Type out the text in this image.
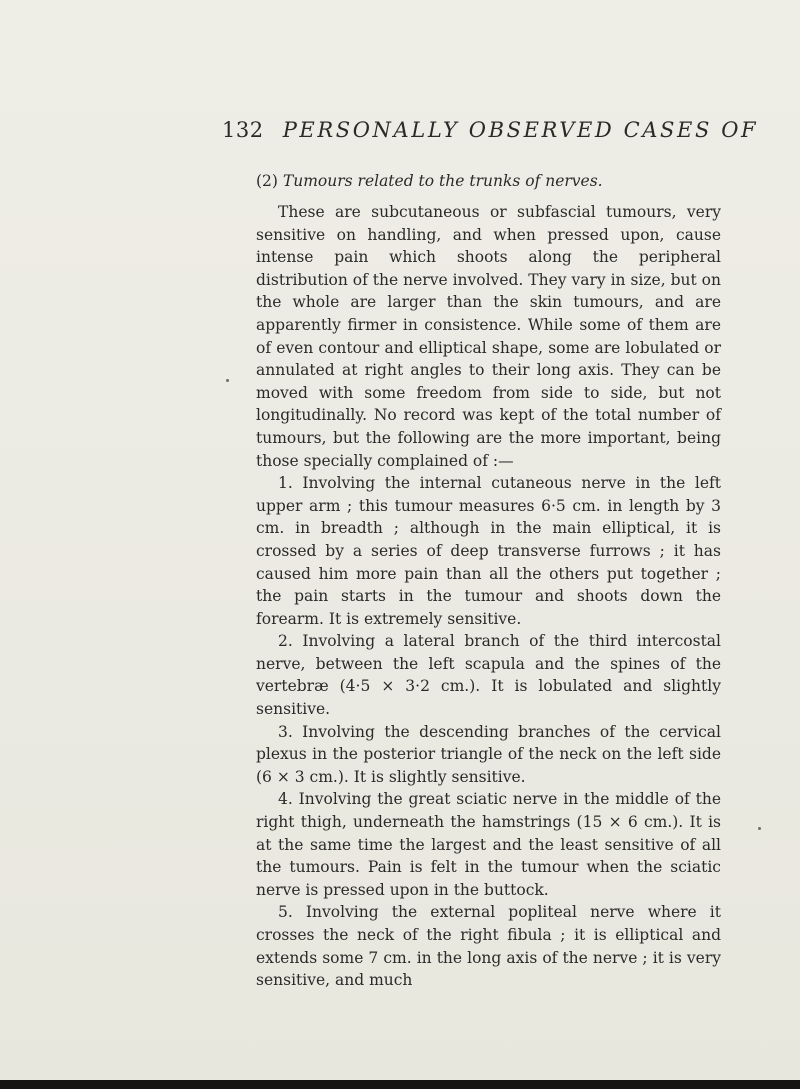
132 PERSONALLY OBSERVED CASES OF
(2) Tumours related to the trunks of nerves.

These are subcutaneous or subfascial tumours, very sensitive on handling, and when pressed upon, cause intense pain which shoots along the peripheral distribution of the nerve involved. They vary in size, but on the whole are larger than the skin tumours, and are apparently firmer in consistence. While some of them are of even contour and elliptical shape, some are lobulated or annulated at right angles to their long axis. They can be moved with some freedom from side to side, but not longitudinally. No record was kept of the total number of tumours, but the following are the more important, being those specially complained of :—

1. Involving the internal cutaneous nerve in the left upper arm ; this tumour measures 6·5 cm. in length by 3 cm. in breadth ; although in the main elliptical, it is crossed by a series of deep transverse furrows ; it has caused him more pain than all the others put together ; the pain starts in the tumour and shoots down the forearm. It is extremely sensitive.

2. Involving a lateral branch of the third intercostal nerve, between the left scapula and the spines of the vertebræ (4·5 × 3·2 cm.). It is lobulated and slightly sensitive.

3. Involving the descending branches of the cervical plexus in the posterior triangle of the neck on the left side (6 × 3 cm.). It is slightly sensitive.

4. Involving the great sciatic nerve in the middle of the right thigh, underneath the hamstrings (15 × 6 cm.). It is at the same time the largest and the least sensitive of all the tumours. Pain is felt in the tumour when the sciatic nerve is pressed upon in the buttock.

5. Involving the external popliteal nerve where it crosses the neck of the right fibula ; it is elliptical and extends some 7 cm. in the long axis of the nerve ; it is very sensitive, and much
